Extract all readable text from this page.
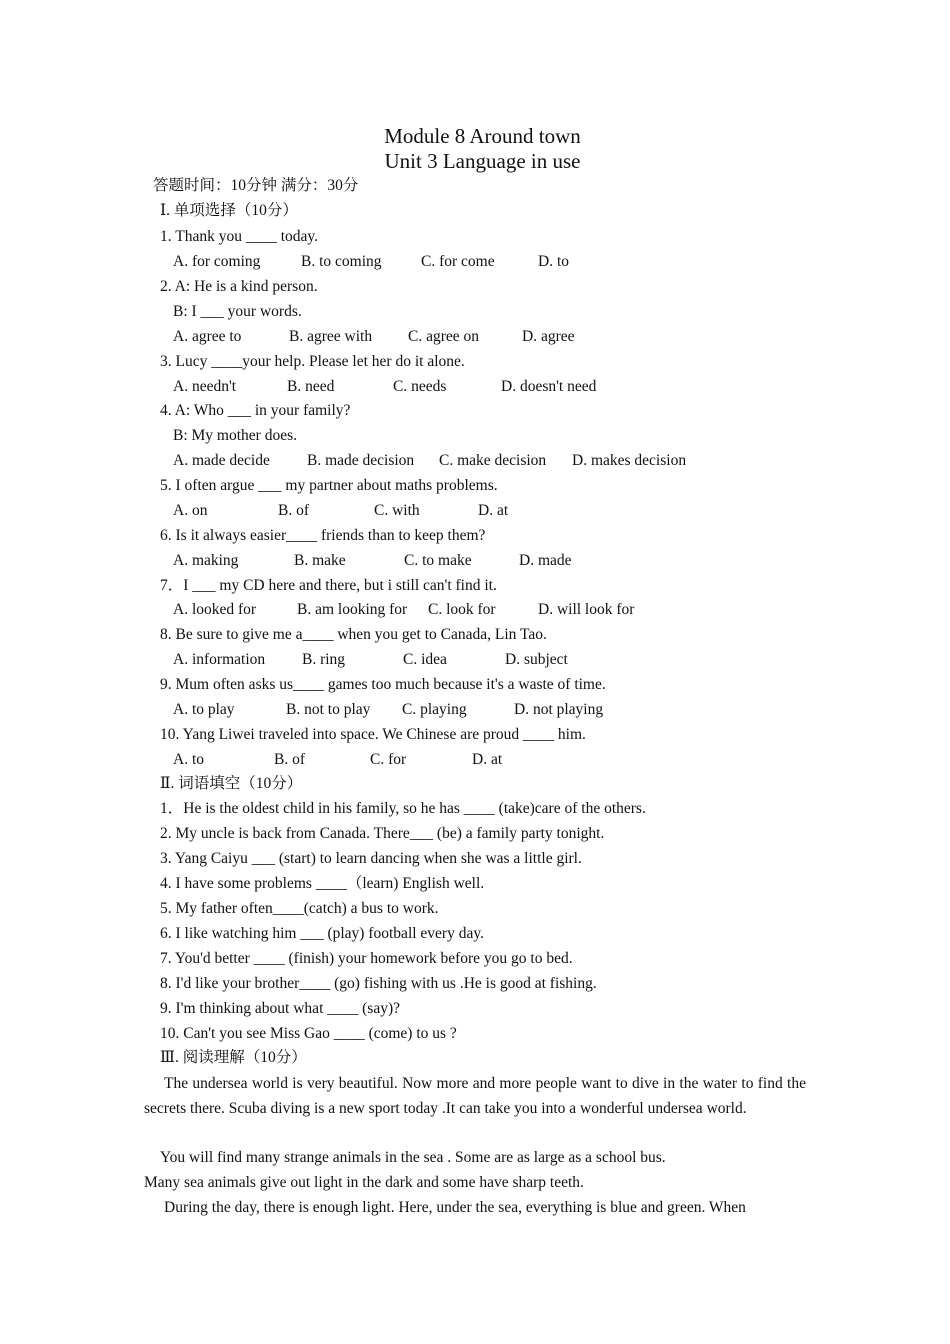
Module 8 Around town
Unit 3 Language in use
答题时间：10分钟 满分：30分
Ⅰ. 单项选择（10分）
1. Thank you ____ today.
A. for coming	B. to coming	C. for come	D. to
2. A: He is a kind person.
B: I ___ your words.
A. agree to	B. agree with C. agree on	D. agree
3. Lucy ____your help. Please let her do it alone.
A. needn't	B. need	C. needs	D. doesn't need
4. A: Who ___ in your family?
B: My mother does.
A. made decide B. made decision C. make decision D. makes decision
5. I often argue ___ my partner about maths problems.
A. on	B. of	C. with	D. at
6. Is it always easier____ friends than to keep them?
A. making	B. make	C. to make	D. made
7．I ___ my CD here and there, but i still can't find it.
A. looked for	B. am looking for C. look for	D. will look for
8. Be sure to give me a____ when you get to Canada, Lin Tao.
A. information B. ring	C. idea	D. subject
9. Mum often asks us____ games too much because it's a waste of time.
A. to play	B. not to play C. playing	D. not playing
10. Yang Liwei traveled into space. We Chinese are proud ____ him.
A. to	B. of	C. for	D. at
Ⅱ. 词语填空（10分）
1．He is the oldest child in his family, so he has ____ (take)care of the others.
2. My uncle is back from Canada. There___ (be) a family party tonight.
3. Yang Caiyu ___ (start) to learn dancing when she was a little girl.
4. I have some problems ____（learn) English well.
5. My father often____(catch) a bus to work.
6. I like watching him ___ (play) football every day.
7. You'd better ____ (finish) your homework before you go to bed.
8. I'd like your brother____ (go) fishing with us .He is good at fishing.
9. I'm thinking about what ____ (say)?
10. Can't you see Miss Gao ____ (come) to us ?
Ⅲ. 阅读理解（10分）
The undersea world is very beautiful. Now more and more people want to dive in the water to find the secrets there. Scuba diving is a new sport today .It can take you into a wonderful undersea world.
You will find many strange animals in the sea . Some are as large as a school bus.
Many sea animals give out light in the dark and some have sharp teeth.
During the day, there is enough light. Here, under the sea, everything is blue and green. When
